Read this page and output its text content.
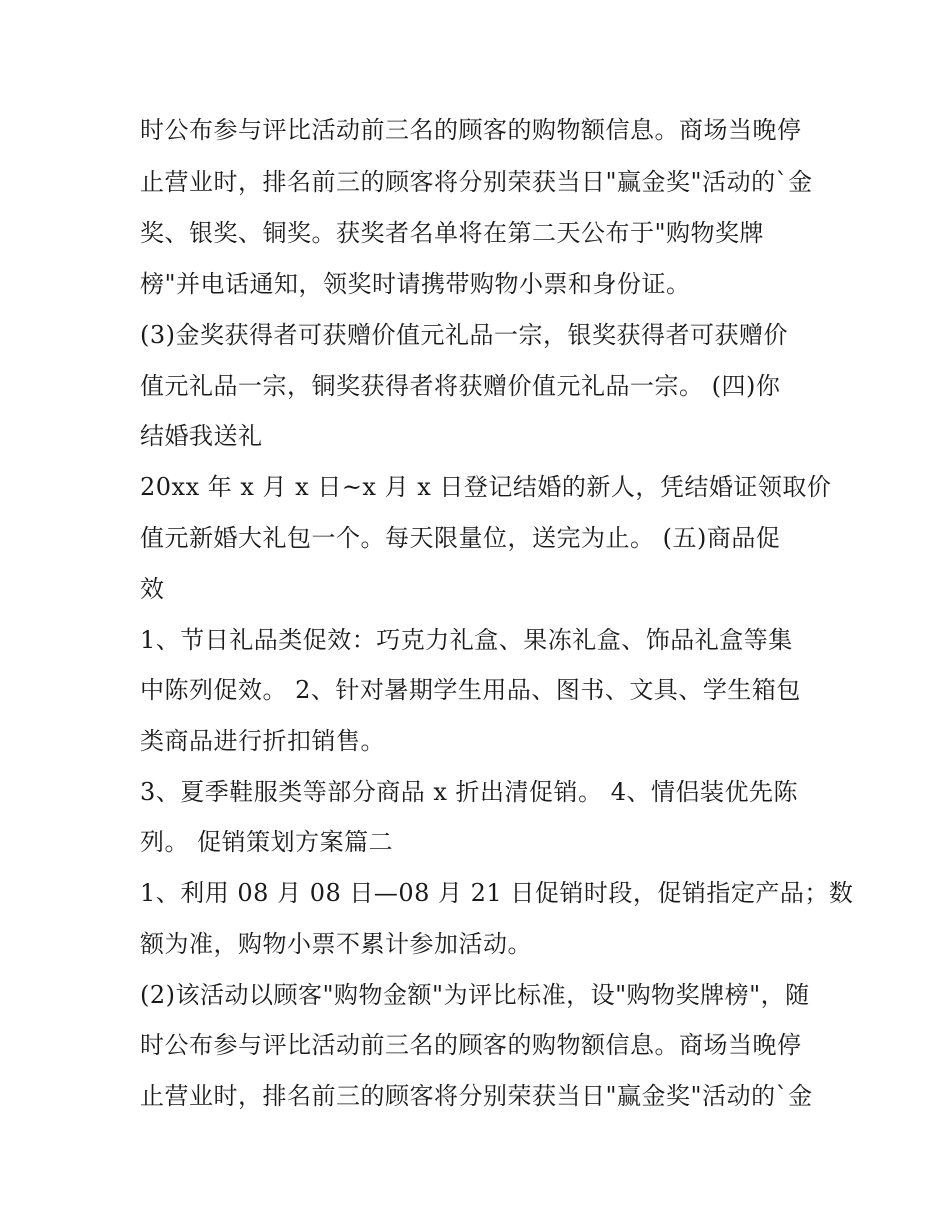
时公布参与评比活动前三名的顾客的购物额信息。商场当晚停
止营业时，排名前三的顾客将分别荣获当日"赢金奖"活动的`金
奖、银奖、铜奖。获奖者名单将在第二天公布于"购物奖牌
榜"并电话通知，领奖时请携带购物小票和身份证。
(3)金奖获得者可获赠价值元礼品一宗，银奖获得者可获赠价
值元礼品一宗，铜奖获得者将获赠价值元礼品一宗。 (四)你
结婚我送礼
20xx 年 x 月 x 日~x 月 x 日登记结婚的新人，凭结婚证领取价
值元新婚大礼包一个。每天限量位，送完为止。 (五)商品促
效
1、节日礼品类促效：巧克力礼盒、果冻礼盒、饰品礼盒等集
中陈列促效。 2、针对暑期学生用品、图书、文具、学生箱包
类商品进行折扣销售。
3、夏季鞋服类等部分商品 x 折出清促销。 4、情侣装优先陈
列。 促销策划方案篇二
1、利用 08 月 08 日—08 月 21 日促销时段，促销指定产品；数
额为准，购物小票不累计参加活动。
(2)该活动以顾客"购物金额"为评比标准，设"购物奖牌榜"，随
时公布参与评比活动前三名的顾客的购物额信息。商场当晚停
止营业时，排名前三的顾客将分别荣获当日"赢金奖"活动的`金
